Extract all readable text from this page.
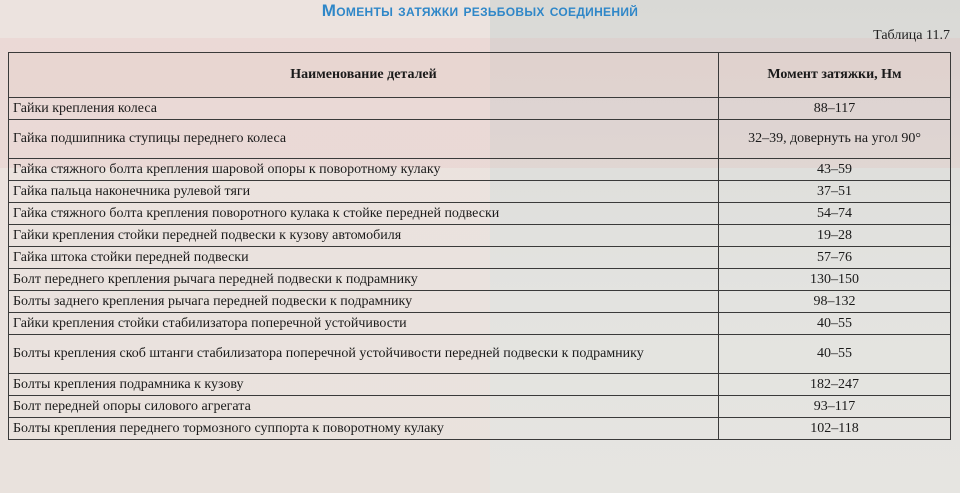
Моменты затяжки резьбовых соединений
Таблица 11.7
Наименование деталей	Момент затяжки, Нм
Гайки крепления колеса	88–117
Гайка подшипника ступицы переднего колеса	32–39, довернуть на угол 90°
Гайка стяжного болта крепления шаровой опоры к поворотному кулаку	43–59
Гайка пальца наконечника рулевой тяги	37–51
Гайка стяжного болта крепления поворотного кулака к стойке передней подвески	54–74
Гайки крепления стойки передней подвески к кузову автомобиля	19–28
Гайка штока стойки передней подвески	57–76
Болт переднего крепления рычага передней подвески к подрамнику	130–150
Болты заднего крепления рычага передней подвески к подрамнику	98–132
Гайки крепления стойки стабилизатора поперечной устойчивости	40–55
Болты крепления скоб штанги стабилизатора поперечной устойчивости передней подвески к подрамнику	40–55
Болты крепления подрамника к кузову	182–247
Болт передней опоры силового агрегата	93–117
Болты крепления переднего тормозного суппорта к поворотному кулаку	102–118
